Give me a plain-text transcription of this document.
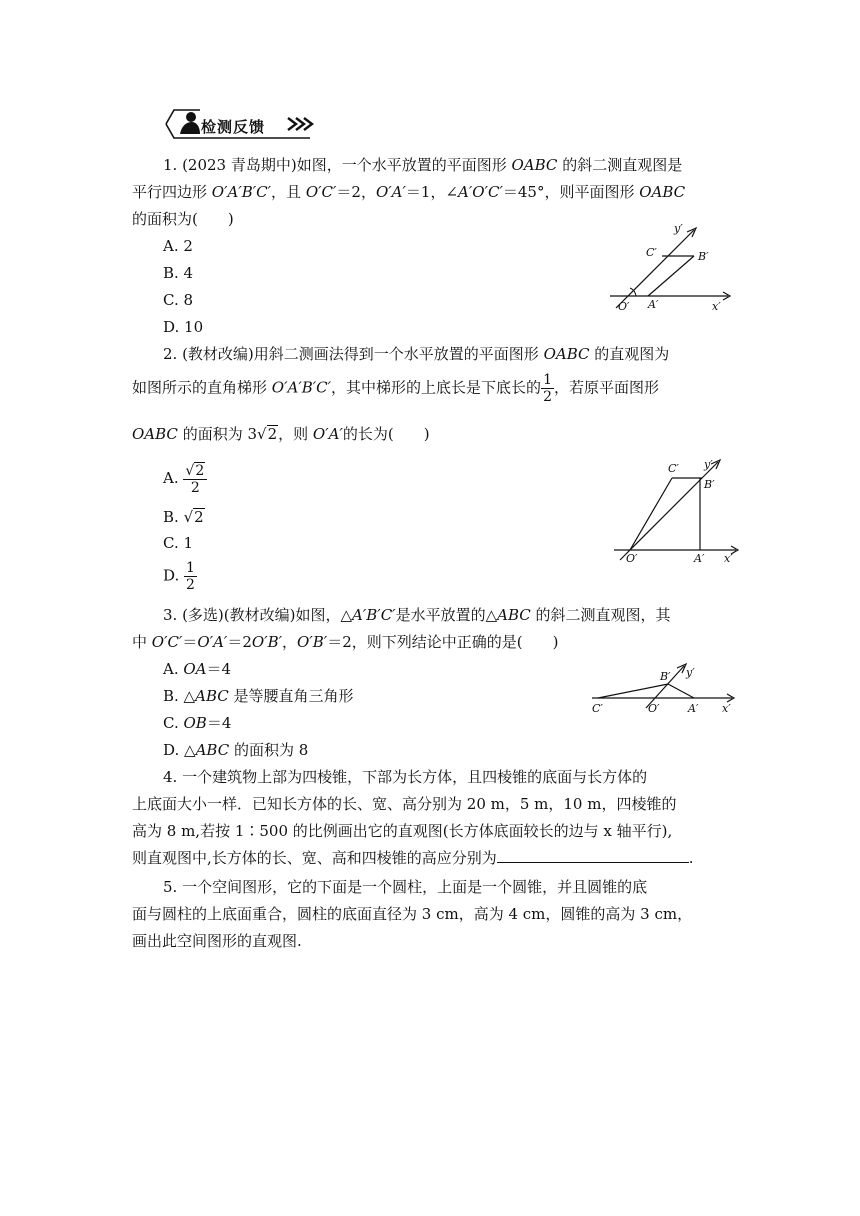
检测反馈
1. (2023 青岛期中)如图，一个水平放置的平面图形 OABC 的斜二测直观图是
平行四边形 O′A′B′C′，且 O′C′＝2，O′A′＝1，∠A′O′C′＝45°，则平面图形 OABC
的面积为(　　)
A. 2
B. 4
C. 8
D. 10
y′
C′	B′
O′ A′	x′
2. (教材改编)用斜二测画法得到一个水平放置的平面图形 OABC 的直观图为
如图所示的直角梯形 O′A′B′C′，其中梯形的上底长是下底长的 $\frac{1}{2}$ ，若原平面图形
OABC 的面积为 3√2，则 O′A′的长为(　　)
A. $\frac{√2}{2}$
B. √2
C. 1
D. $\frac{1}{2}$
C′ y′
B′
O′	A′ x′
3. (多选)(教材改编)如图，△A′B′C′是水平放置的△ABC 的斜二测直观图，其
中 O′C′＝O′A′＝2O′B′，O′B′＝2，则下列结论中正确的是(　　)
A. OA＝4
B. △ABC 是等腰直角三角形
C. OB＝4
D. △ABC 的面积为 8
B′ y′
C′	O′	A′ x′
4. 一个建筑物上部为四棱锥，下部为长方体，且四棱锥的底面与长方体的
上底面大小一样．已知长方体的长、宽、高分别为 20 m，5 m，10 m，四棱锥的
高为 8 m,若按 1∶500 的比例画出它的直观图(长方体底面较长的边与 x 轴平行),
则直观图中,长方体的长、宽、高和四棱锥的高应分别为	.
5. 一个空间图形，它的下面是一个圆柱，上面是一个圆锥，并且圆锥的底
面与圆柱的上底面重合，圆柱的底面直径为 3 cm，高为 4 cm，圆锥的高为 3 cm，
画出此空间图形的直观图.
